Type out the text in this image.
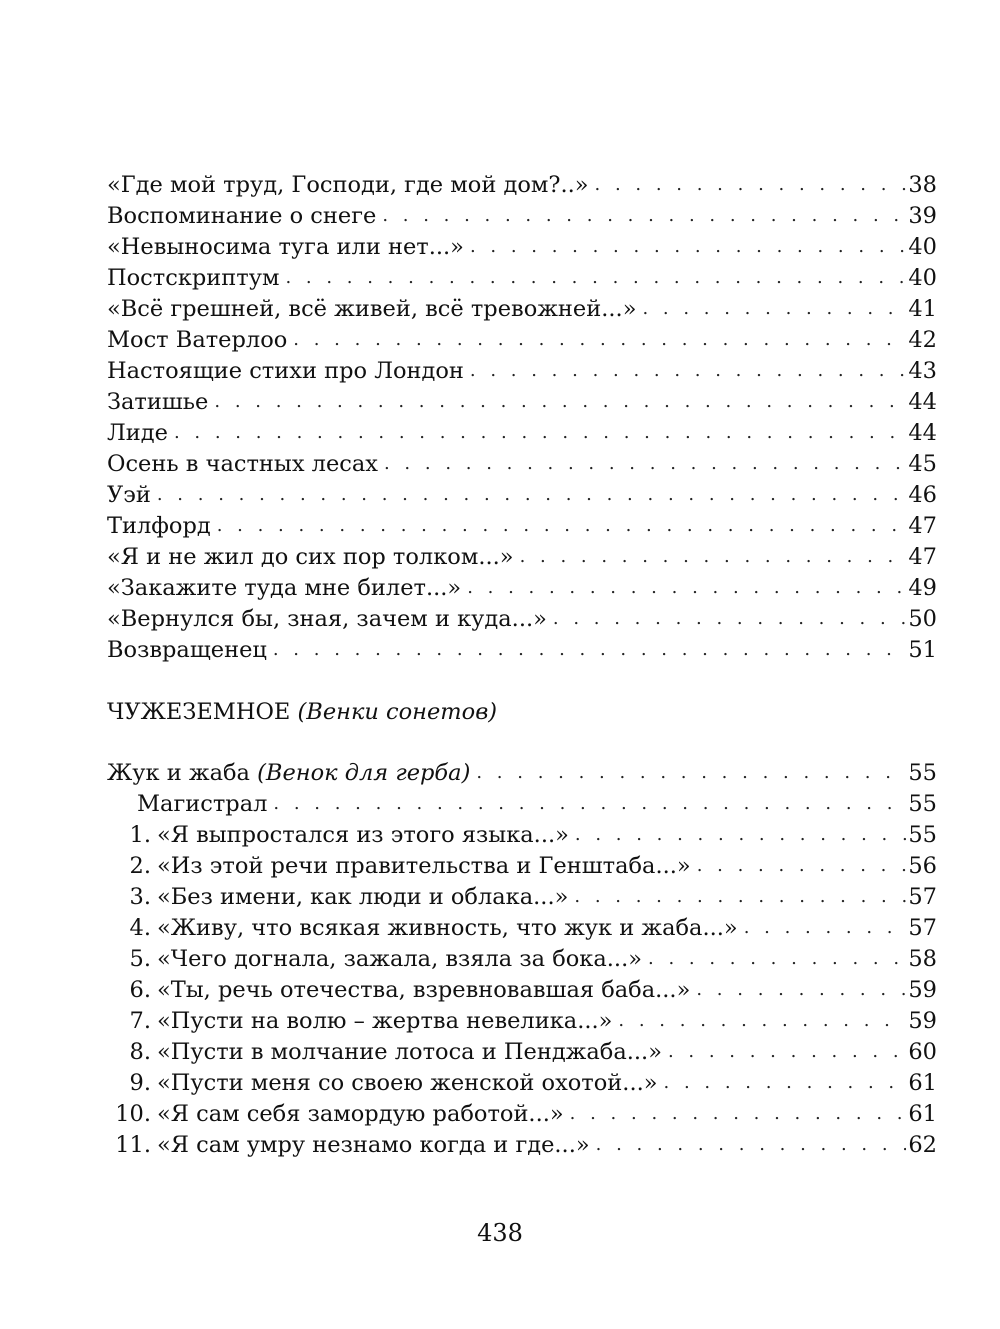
«Где мой труд, Господи, где мой дом?..» . . .	38
Воспоминание о снеге . . .	39
«Невыносима туга или нет...» . . .	40
Постскриптум . . .	40
«Всё грешней, всё живей, всё тревожней...» . . .	41
Мост Ватерлоо . . .	42
Настоящие стихи про Лондон . . .	43
Затишье . . .	44
Лиде . . .	44
Осень в частных лесах . . .	45
Уэй . . .	46
Тилфорд . . .	47
«Я и не жил до сих пор толком...» . . .	47
«Закажите туда мне билет...» . . .	49
«Вернулся бы, зная, зачем и куда...» . . .	50
Возвращенец . . .	51
ЧУЖЕЗЕМНОЕ (Венки сонетов)
Жук и жаба (Венок для герба) . . .	55
Магистрал . . .	55
1. «Я выпростался из этого языка...» . . .	55
2. «Из этой речи правительства и Генштаба...» . . .	56
3. «Без имени, как люди и облака...» . . .	57
4. «Живу, что всякая живность, что жук и жаба...» . . .	57
5. «Чего догнала, зажала, взяла за бока...» . . .	58
6. «Ты, речь отечества, взревновавшая баба...» . . .	59
7. «Пусти на волю – жертва невелика...» . . .	59
8. «Пусти в молчание лотоса и Пенджаба...» . . .	60
9. «Пусти меня со своею женской охотой...» . . .	61
10. «Я сам себя замордую работой...» . . .	61
11. «Я сам умру незнамо когда и где...» . . .	62
438
